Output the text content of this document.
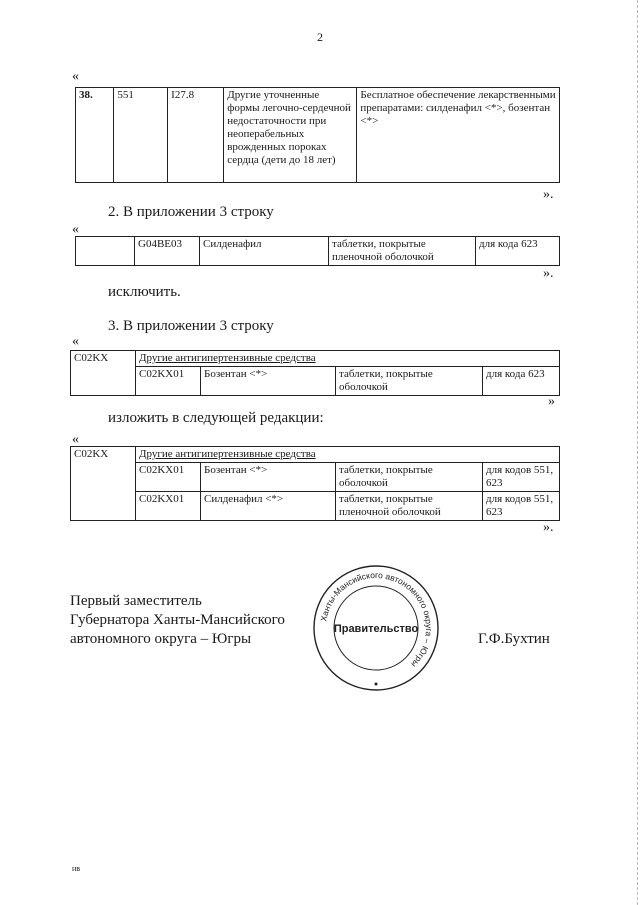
2
«
38.	551	I27.8	Другие уточненные формы легочно-сердечной недостаточности при неоперабельных врожденных пороках сердца (дети до 18 лет)	Бесплатное обеспечение лекарственными препаратами: силденафил <*>, бозентан <*>
».
2. В приложении 3 строку
«
	G04BE03	Силденафил	таблетки, покрытые пленочной оболочкой	для кода 623
».
исключить.
3. В приложении 3 строку
«
C02KX	Другие антигипертензивные средства			
	C02KX01	Бозентан <*>	таблетки, покрытые оболочкой	для кода 623
»
изложить в следующей редакции:
«
C02KX	Другие антигипертензивные средства			
	C02KX01	Бозентан <*>	таблетки, покрытые оболочкой	для кодов 551, 623
	C02KX01	Силденафил <*>	таблетки, покрытые пленочной оболочкой	для кодов 551, 623
».
Первый заместитель
Губернатора Ханты-Мансийского
автономного округа – Югры	Г.Ф.Бухтин
Ханты-Мансийского автономного округа – Югры
Правительство
нв
